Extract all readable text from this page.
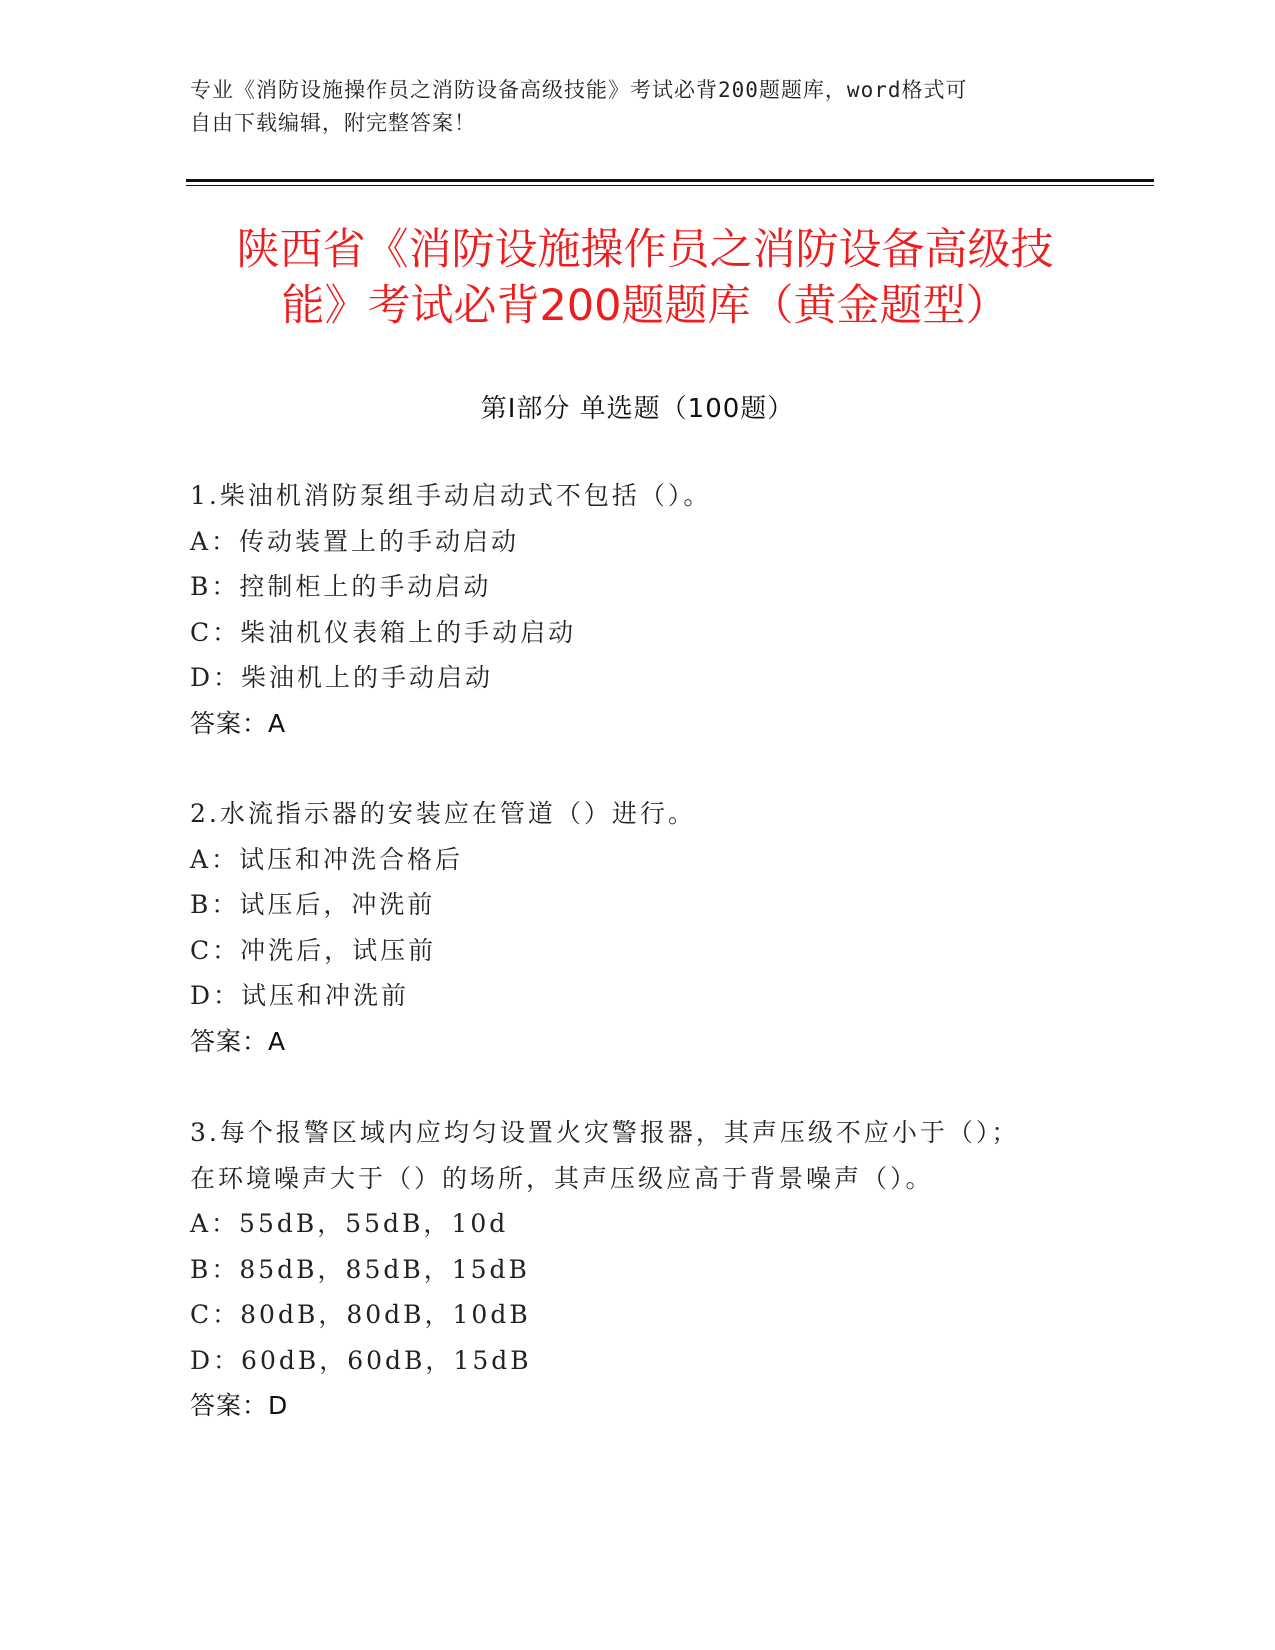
专业《消防设施操作员之消防设备高级技能》考试必背200题题库，word格式可
自由下载编辑，附完整答案！
陕西省《消防设施操作员之消防设备高级技
能》考试必背200题题库（黄金题型）
第Ⅰ部分 单选题（100题）
1.柴油机消防泵组手动启动式不包括（）。
A：传动装置上的手动启动
B：控制柜上的手动启动
C：柴油机仪表箱上的手动启动
D：柴油机上的手动启动
答案：A
2.水流指示器的安装应在管道（）进行。
A：试压和冲洗合格后
B：试压后，冲洗前
C：冲洗后，试压前
D：试压和冲洗前
答案：A
3.每个报警区域内应均匀设置火灾警报器，其声压级不应小于（）；
在环境噪声大于（）的场所，其声压级应高于背景噪声（）。
A：55dB，55dB，10d
B：85dB，85dB，15dB
C：80dB，80dB，10dB
D：60dB，60dB，15dB
答案：D
